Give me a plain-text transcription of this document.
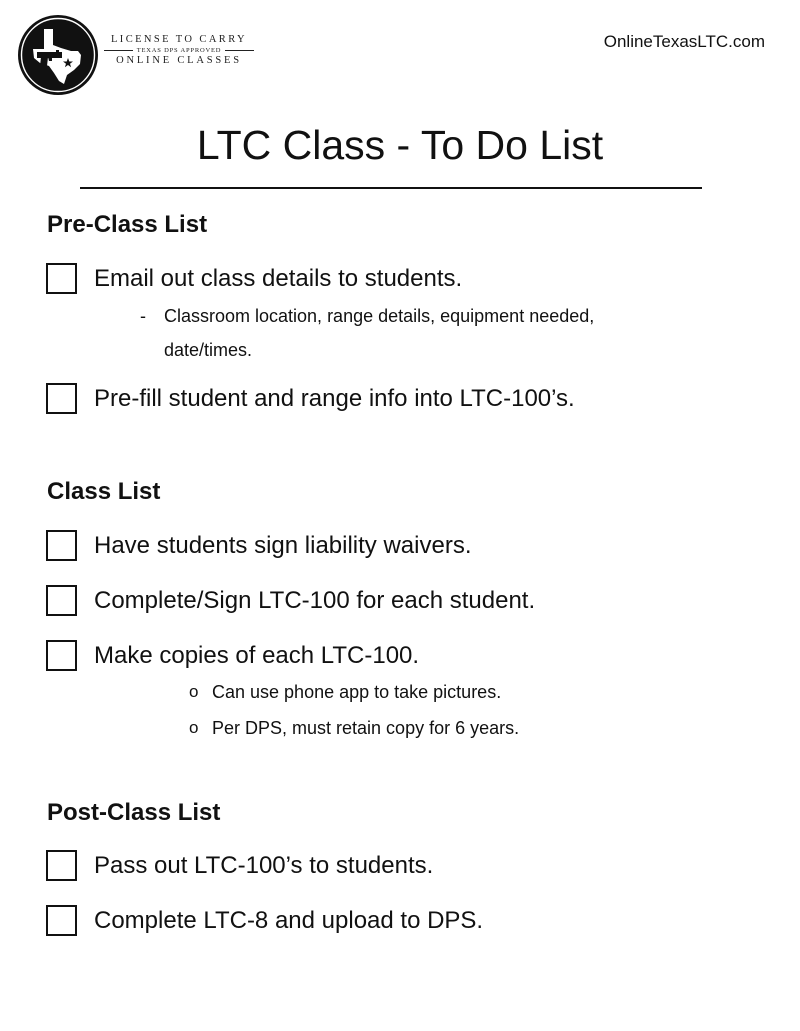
LICENSE TO CARRY
TEXAS DPS APPROVED
ONLINE CLASSES
OnlineTexasLTC.com
LTC Class - To Do List
Pre-Class List
Email out class details to students.
-	Classroom location, range details, equipment needed,
date/times.
Pre-fill student and range info into LTC-100’s.
Class List
Have students sign liability waivers.
Complete/Sign LTC-100 for each student.
Make copies of each LTC-100.
o Can use phone app to take pictures.
o Per DPS, must retain copy for 6 years.
Post-Class List
Pass out LTC-100’s to students.
Complete LTC-8 and upload to DPS.
